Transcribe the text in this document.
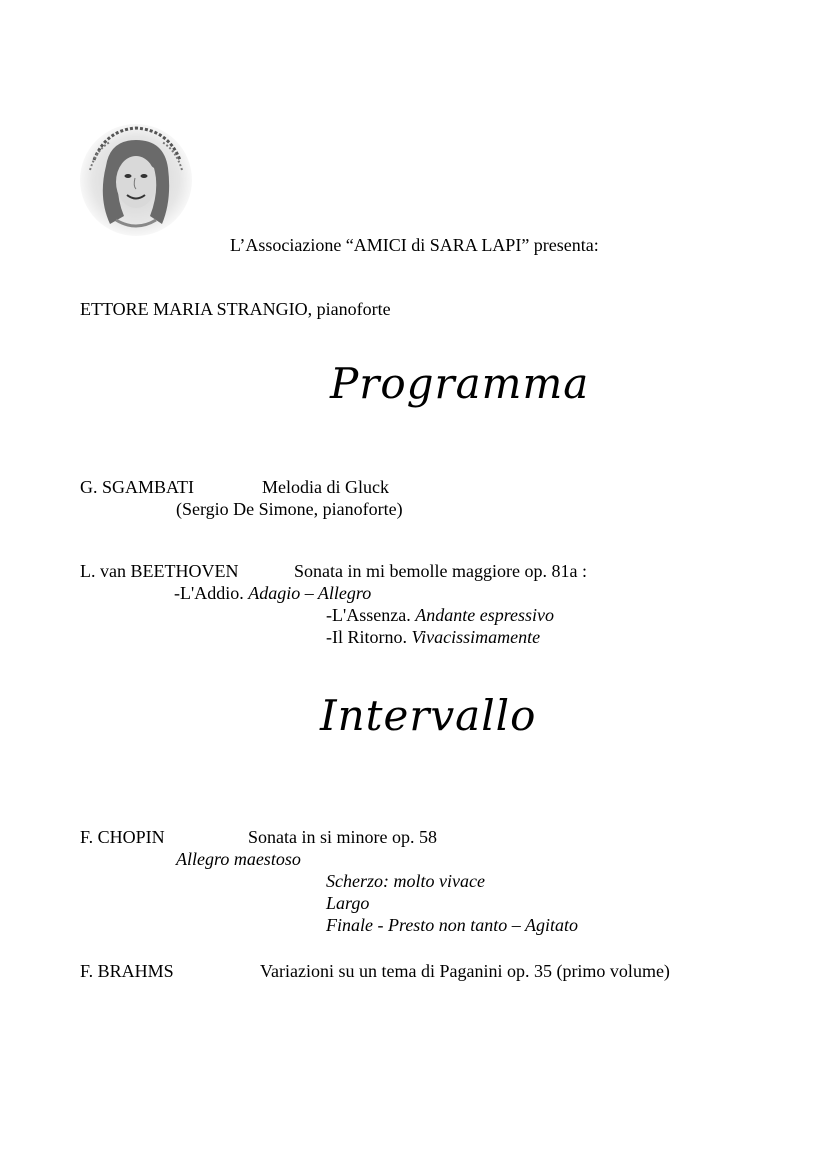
L’Associazione “AMICI di SARA LAPI” presenta:
ETTORE MARIA STRANGIO, pianoforte
Programma
G. SGAMBATI	Melodia di Gluck
(Sergio De Simone, pianoforte)
L. van BEETHOVEN	Sonata in mi bemolle maggiore op. 81a :
-L'Addio. Adagio – Allegro
-L'Assenza. Andante espressivo
-Il Ritorno. Vivacissimamente
Intervallo
F. CHOPIN	Sonata in si minore op. 58
Allegro maestoso
Scherzo: molto vivace
Largo
Finale - Presto non tanto – Agitato
F. BRAHMS	Variazioni su un tema di Paganini op. 35 (primo volume)
